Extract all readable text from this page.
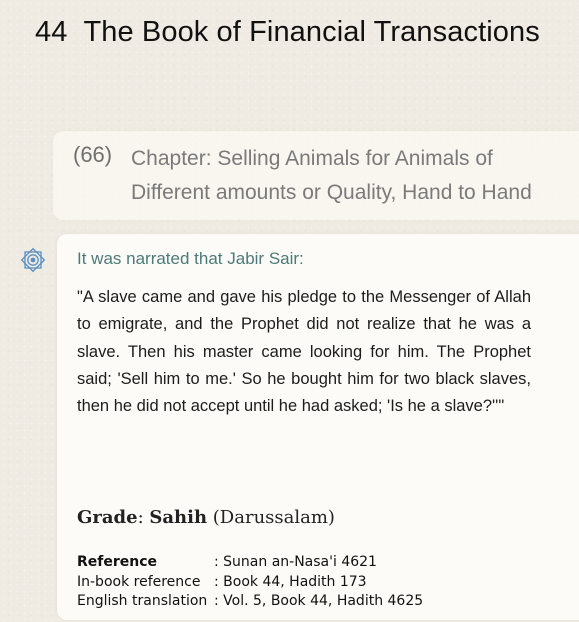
44 The Book of Financial Transactions
(66) Chapter: Selling Animals for Animals of Different amounts or Quality, Hand to Hand
It was narrated that Jabir Sair:
"A slave came and gave his pledge to the Messenger of Allah to emigrate, and the Prophet did not realize that he was a slave. Then his master came looking for him. The Prophet said; 'Sell him to me.' So he bought him for two black slaves, then he did not accept until he had asked; 'Is he a slave?''"
Grade: Sahih (Darussalam)
Reference	: Sunan an-Nasa'i 4621
In-book reference : Book 44, Hadith 173
English translation : Vol. 5, Book 44, Hadith 4625
